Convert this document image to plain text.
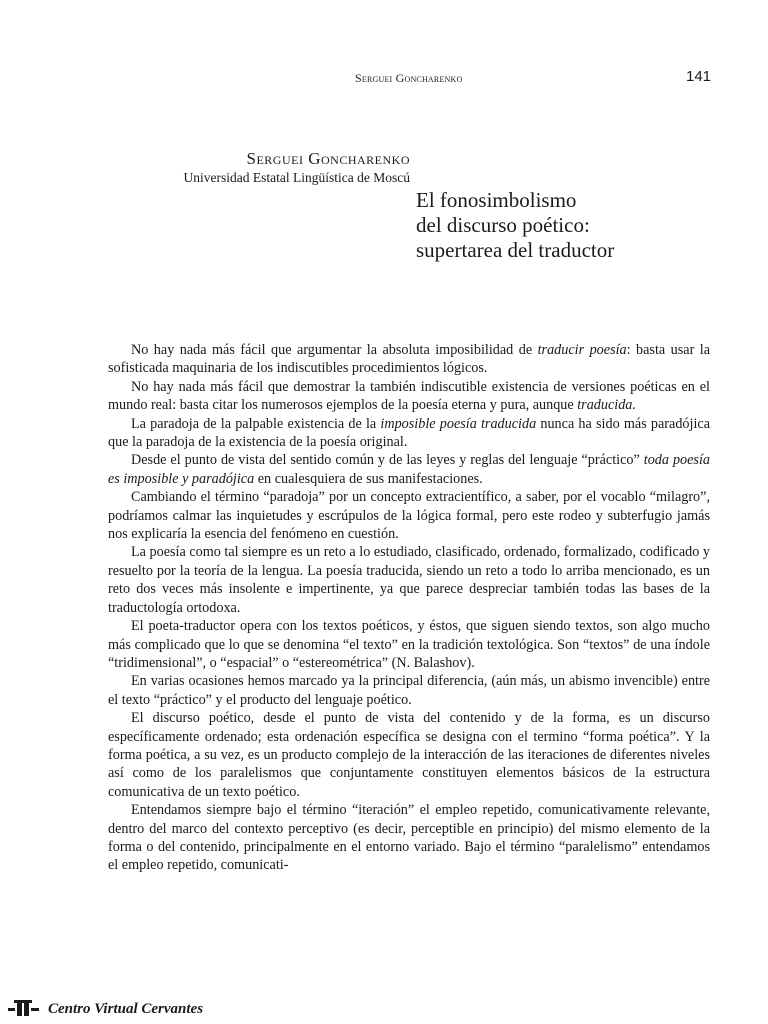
Serguei Goncharenko	141
Serguei Goncharenko
Universidad Estatal Lingüística de Moscú
El fonosimbolismo
del discurso poético:
supertarea del traductor

No hay nada más fácil que argumentar la absoluta imposibilidad de traducir poesía: basta usar la sofisticada maquinaria de los indiscutibles procedimientos lógicos.

No hay nada más fácil que demostrar la también indiscutible existencia de versiones poéticas en el mundo real: basta citar los numerosos ejemplos de la poesía eterna y pura, aunque traducida.

La paradoja de la palpable existencia de la imposible poesía traducida nunca ha sido más paradójica que la paradoja de la existencia de la poesía original.

Desde el punto de vista del sentido común y de las leyes y reglas del lenguaje “práctico” toda poesía es imposible y paradójica en cualesquiera de sus manifestaciones.

Cambiando el término “paradoja” por un concepto extracientífico, a saber, por el vocablo “milagro”, podríamos calmar las inquietudes y escrúpulos de la lógica formal, pero este rodeo y subterfugio jamás nos explicaría la esencia del fenómeno en cuestión.

La poesía como tal siempre es un reto a lo estudiado, clasificado, ordenado, formalizado, codificado y resuelto por la teoría de la lengua. La poesía traducida, siendo un reto a todo lo arriba mencionado, es un reto dos veces más insolente e impertinente, ya que parece despreciar también todas las bases de la traductología ortodoxa.

El poeta-traductor opera con los textos poéticos, y éstos, que siguen siendo textos, son algo mucho más complicado que lo que se denomina “el texto” en la tradición textológica. Son “textos” de una índole “tridimensional”, o “espacial” o “estereométrica” (N. Balashov).

En varias ocasiones hemos marcado ya la principal diferencia, (aún más, un abismo invencible) entre el texto “práctico” y el producto del lenguaje poético.

El discurso poético, desde el punto de vista del contenido y de la forma, es un discurso específicamente ordenado; esta ordenación específica se designa con el termino “forma poética”. Y la forma poética, a su vez, es un producto complejo de la interacción de las iteraciones de diferentes niveles así como de los paralelismos que conjuntamente constituyen elementos básicos de la estructura comunicativa de un texto poético.

Entendamos siempre bajo el término “iteración” el empleo repetido, comunicativamente relevante, dentro del marco del contexto perceptivo (es decir, perceptible en principio) del mismo elemento de la forma o del contenido, principalmente en el entorno variado. Bajo el término “paralelismo” entendamos el empleo repetido, comunicati-

Centro Virtual Cervantes
